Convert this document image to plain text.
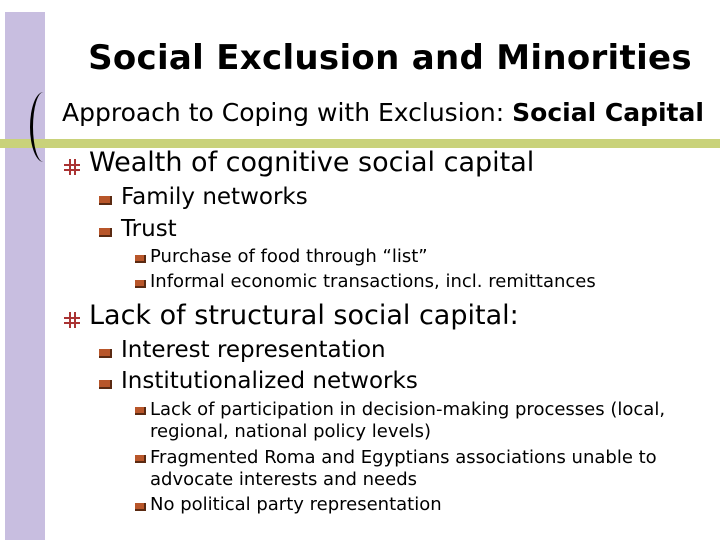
Social Exclusion and Minorities
Approach to Coping with Exclusion: Social Capital
Wealth of cognitive social capital
Family networks
Trust
Purchase of food through “list”
Informal economic transactions, incl. remittances
Lack of structural social capital:
Interest representation
Institutionalized networks
Lack of participation in decision-making processes (local, regional, national policy levels)
Fragmented Roma and Egyptians associations unable to advocate interests and needs
No political party representation
